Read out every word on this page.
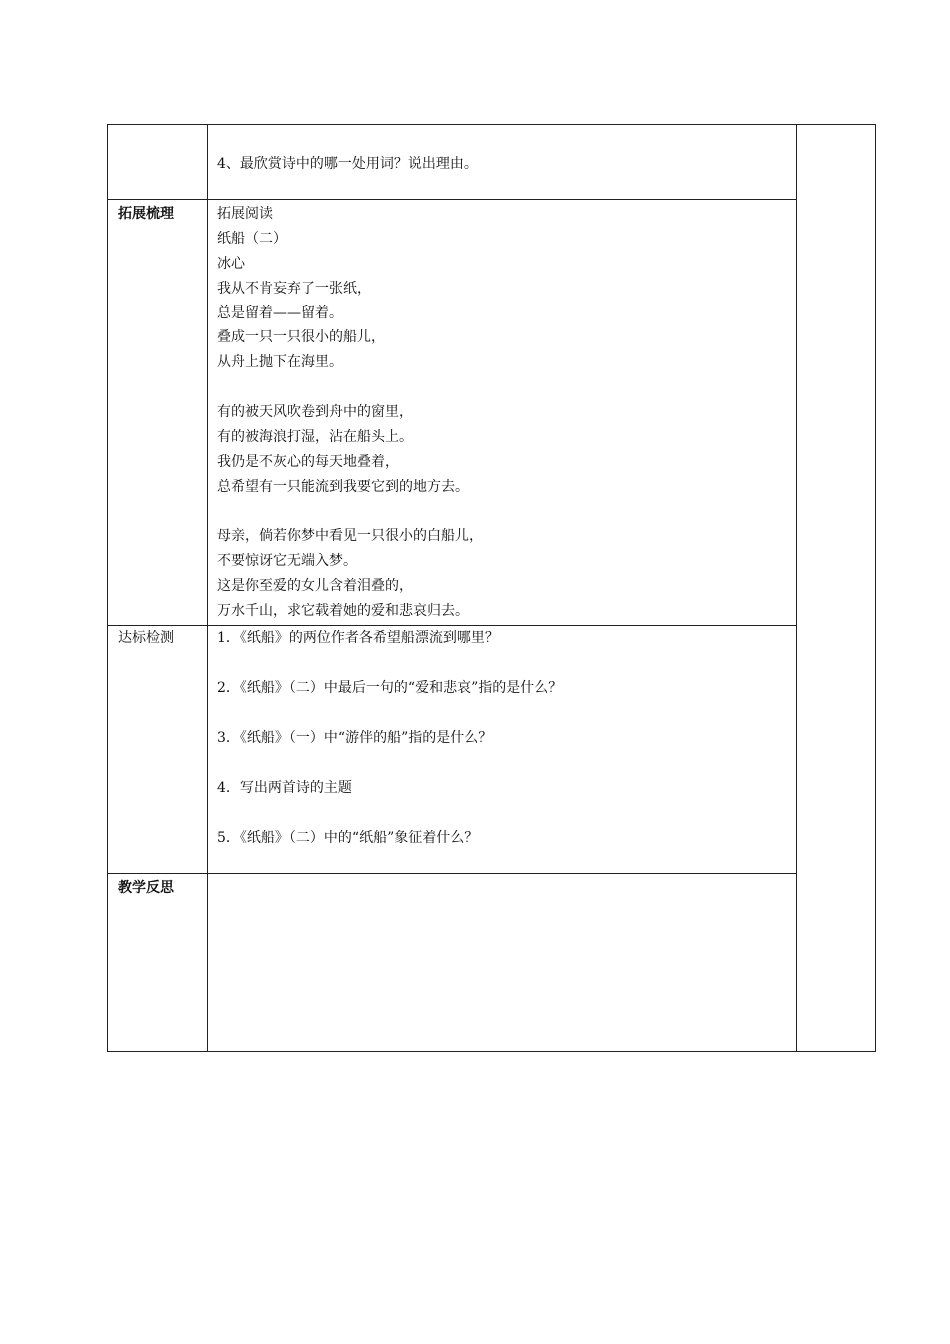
4、最欣赏诗中的哪一处用词？说出理由。
拓展梳理	拓展阅读
纸船（二）
冰心
我从不肯妄弃了一张纸，
总是留着——留着。
叠成一只一只很小的船儿，
从舟上抛下在海里。
有的被天风吹卷到舟中的窗里，
有的被海浪打湿，沾在船头上。
我仍是不灰心的每天地叠着，
总希望有一只能流到我要它到的地方去。
母亲，倘若你梦中看见一只很小的白船儿，
不要惊讶它无端入梦。
这是你至爱的女儿含着泪叠的，
万水千山，求它载着她的爱和悲哀归去。
达标检测	1．《纸船》的两位作者各希望船漂流到哪里？
2．《纸船》（二）中最后一句的“爱和悲哀”指的是什么？
3．《纸船》（一）中“游伴的船”指的是什么？
4．写出两首诗的主题
5．《纸船》（二）中的“纸船”象征着什么？
教学反思
